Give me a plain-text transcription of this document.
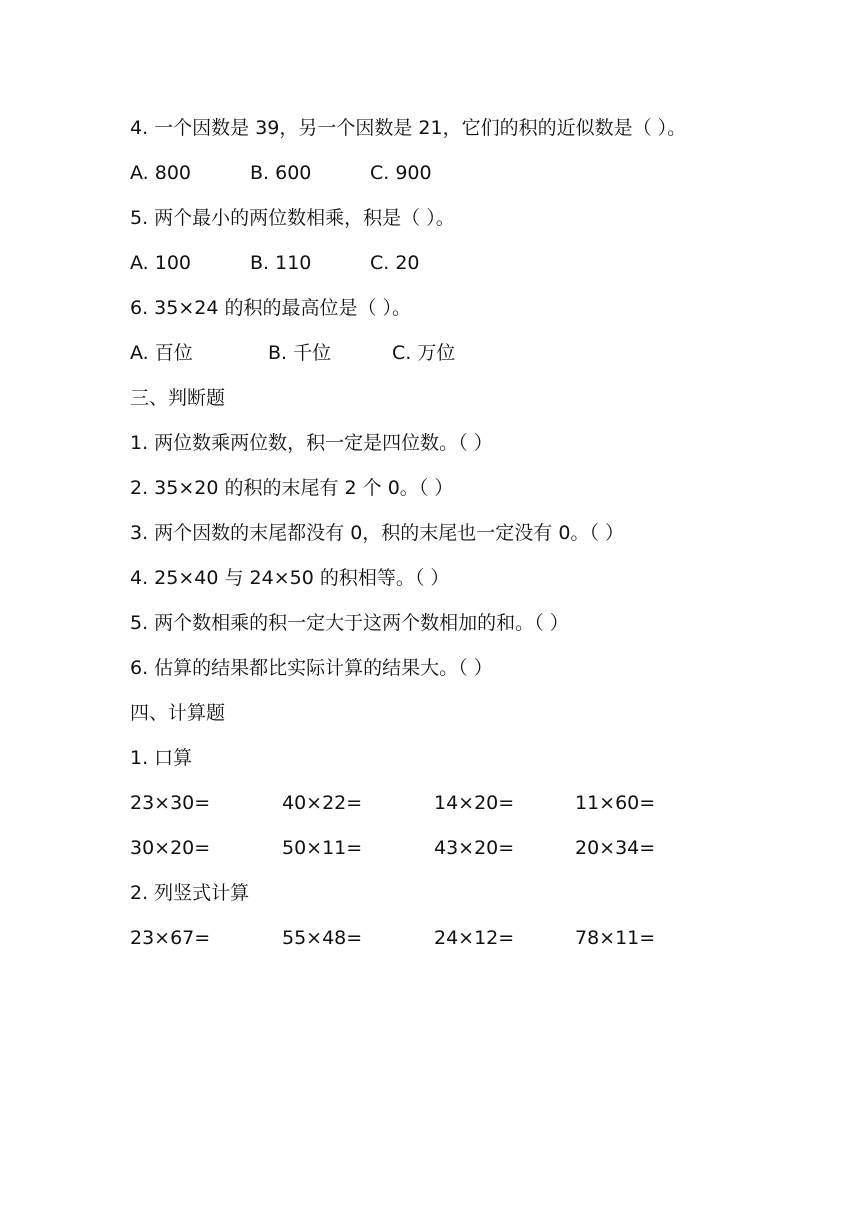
4. 一个因数是 39，另一个因数是 21，它们的积的近似数是（ ）。
A. 800	B. 600	C. 900
5. 两个最小的两位数相乘，积是（ ）。
A. 100	B. 110	C. 20
6. 35×24 的积的最高位是（ ）。
A. 百位	B. 千位	C. 万位
三、判断题
1. 两位数乘两位数，积一定是四位数。（ ）
2. 35×20 的积的末尾有 2 个 0。（ ）
3. 两个因数的末尾都没有 0，积的末尾也一定没有 0。（ ）
4. 25×40 与 24×50 的积相等。（ ）
5. 两个数相乘的积一定大于这两个数相加的和。（ ）
6. 估算的结果都比实际计算的结果大。（ ）
四、计算题
1. 口算
23×30=	40×22=	14×20=	11×60=
30×20=	50×11=	43×20=	20×34=
2. 列竖式计算
23×67=	55×48=	24×12=	78×11=
